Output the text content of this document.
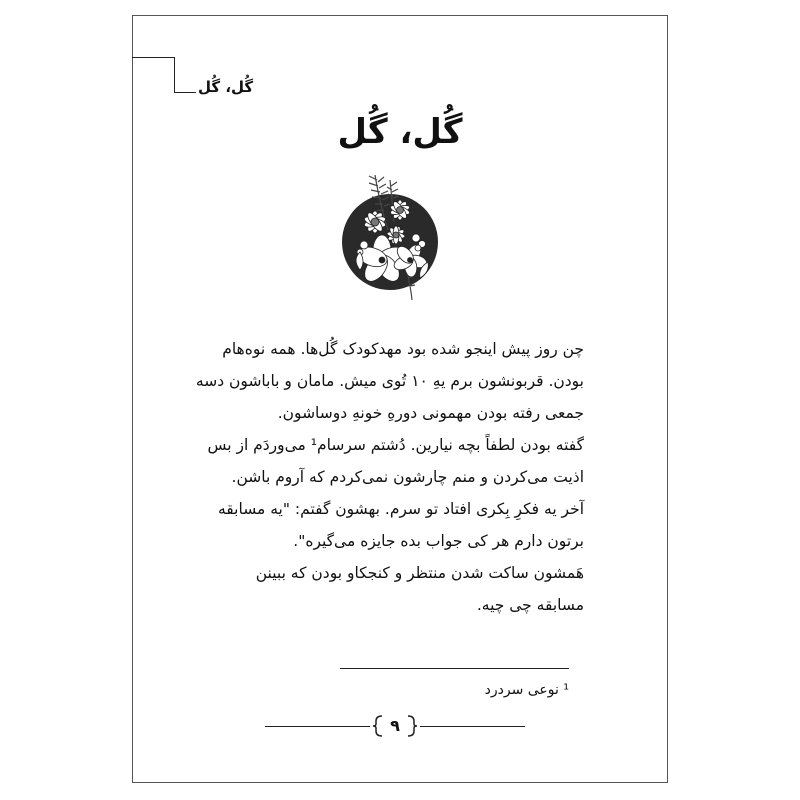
گُل، گُل
گُل، گُل
چن روز پیش اینجو شده بود مهدکودک گُل‌ها. همه نوه‌هام
بودن. قربونشون برم یهِ ۱۰ تُوی میش. مامان و باباشون دسه
جمعی رفته بودن مهمونی دورهِ خونهِ دوساشون.
گفته بودن لطفاً بچه نیارین. دُشتم سرسام¹ می‌وردَم از بس
اذیت می‌کردن و منم چارشون نمی‌کردم که آروم باشن.
آخر یه فکرِ بِکری افتاد تو سرم. بهشون گفتم: "یه مسابقه
برتون دارم هر کی جواب بده جایزه می‌گیره".
هَمشون ساکت شدن منتظر و کنجکاو بودن که ببینن
مسابقه چی چیه.
¹ نوعی سردرد
۹
